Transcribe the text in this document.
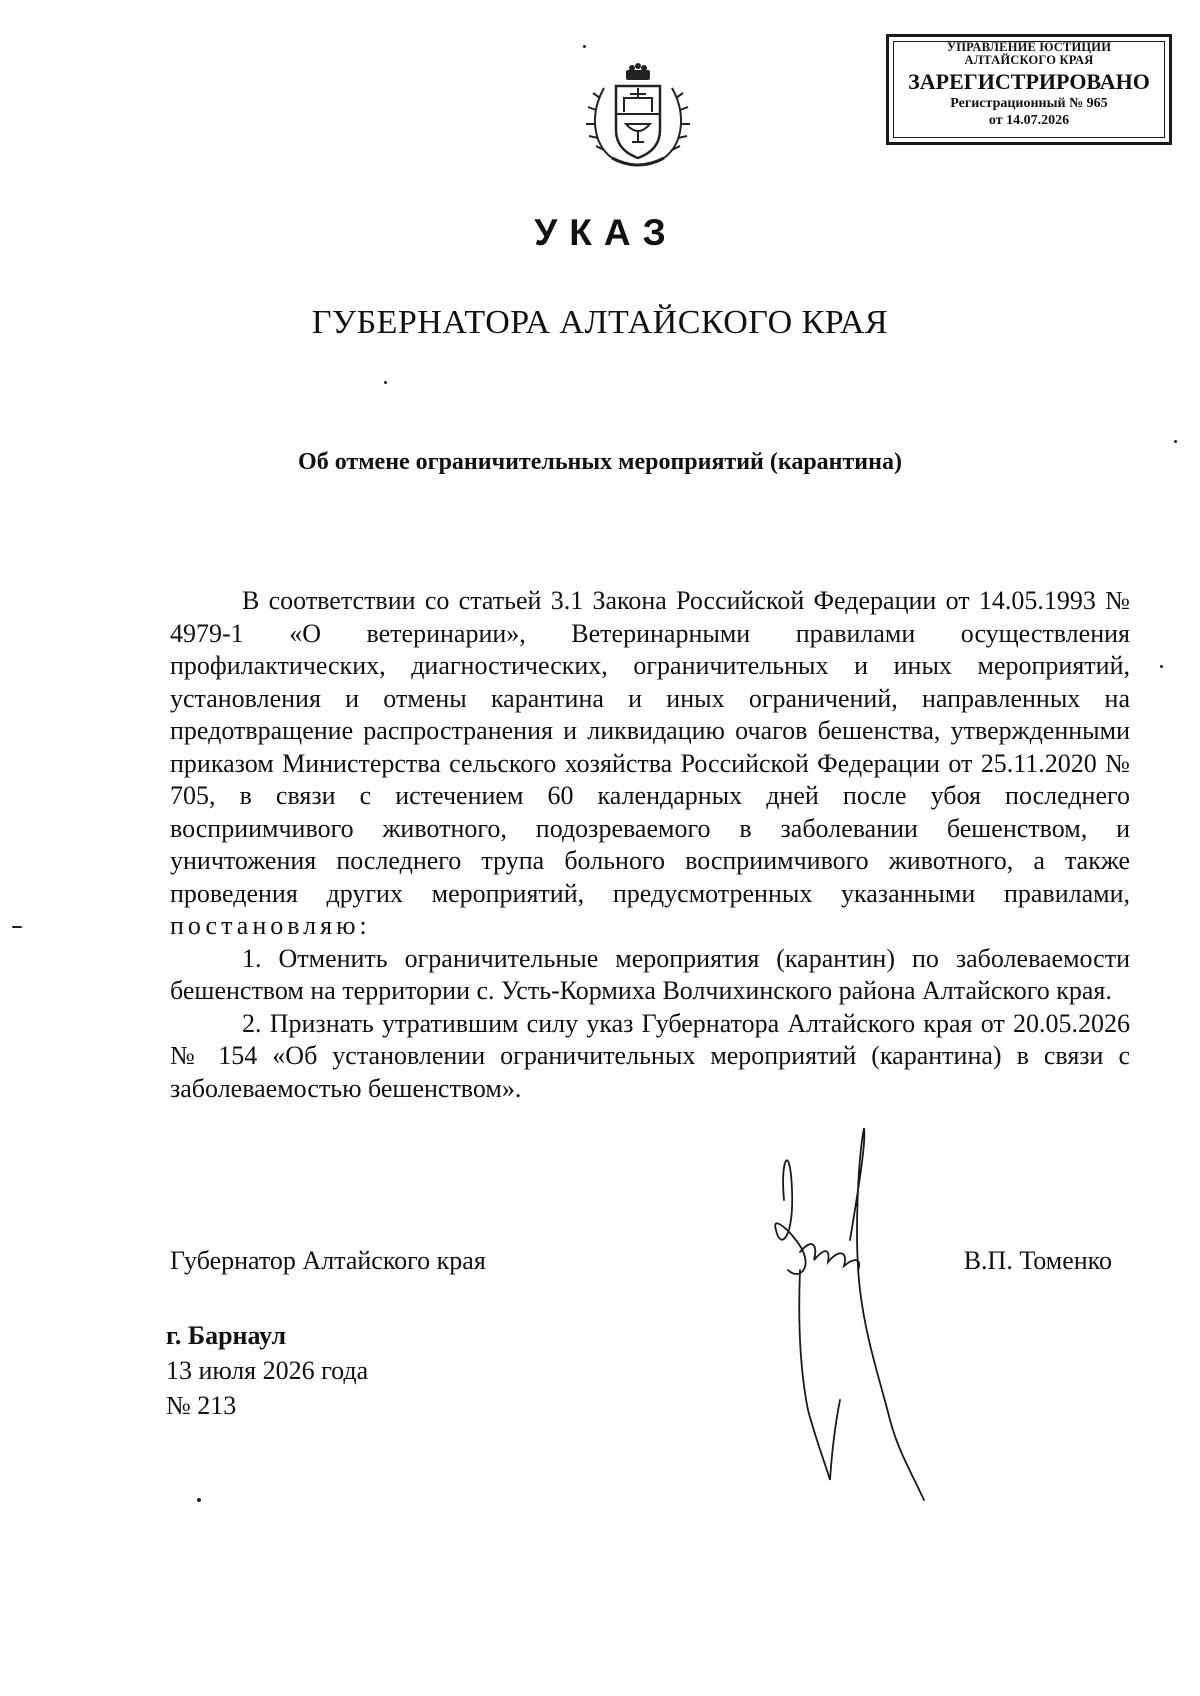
УПРАВЛЕНИЕ ЮСТИЦИИ
АЛТАЙСКОГО КРАЯ
ЗАРЕГИСТРИРОВАНО
Регистрационный № 965
от 14.07.2026
УКАЗ
ГУБЕРНАТОРА АЛТАЙСКОГО КРАЯ
Об отмене ограничительных мероприятий (карантина)

В соответствии со статьей 3.1 Закона Российской Федерации от 14.05.1993 № 4979-1 «О ветеринарии», Ветеринарными правилами осуществления профилактических, диагностических, ограничительных и иных мероприятий, установления и отмены карантина и иных ограничений, направленных на предотвращение распространения и ликвидацию очагов бешенства, утвержденными приказом Министерства сельского хозяйства Российской Федерации от 25.11.2020 № 705, в связи с истечением 60 календарных дней после убоя последнего восприимчивого животного, подозреваемого в заболевании бешенством, и уничтожения последнего трупа больного восприимчивого животного, а также проведения других мероприятий, предусмотренных указанными правилами, постановляю:

1. Отменить ограничительные мероприятия (карантин) по заболеваемости бешенством на территории с. Усть-Кормиха Волчихинского района Алтайского края.

2. Признать утратившим силу указ Губернатора Алтайского края от 20.05.2026 № 154 «Об установлении ограничительных мероприятий (карантина) в связи с заболеваемостью бешенством».

Губернатор Алтайского края	В.П. Томенко
г. Барнаул
13 июля 2026 года
№ 213
